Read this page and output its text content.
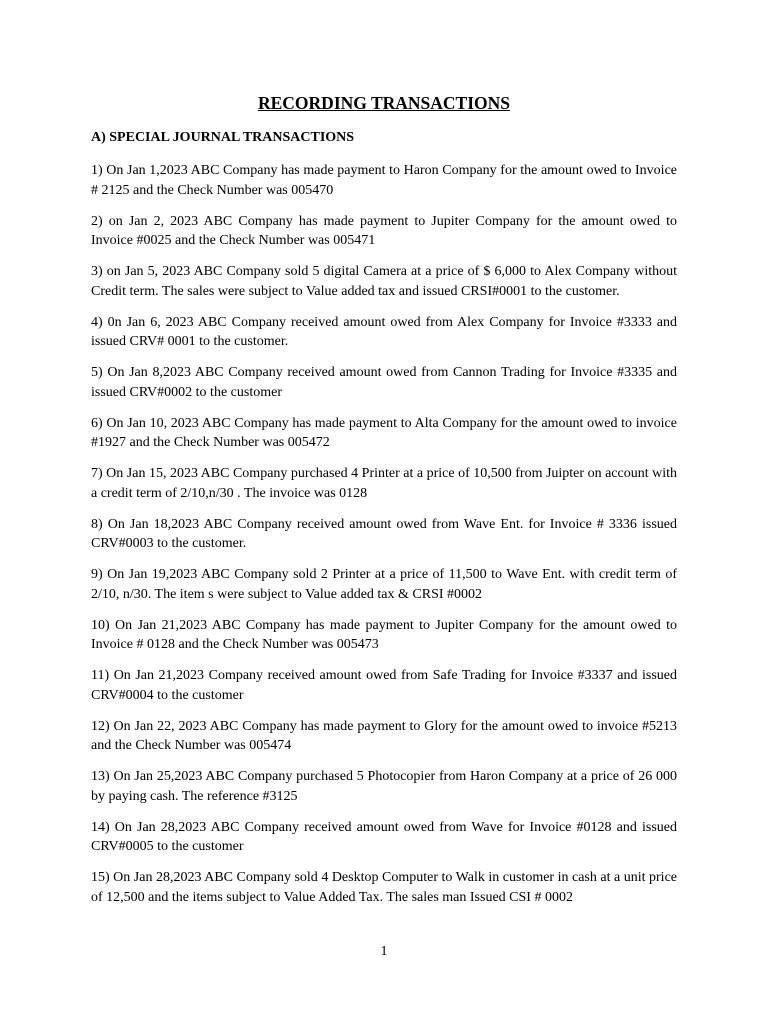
RECORDING TRANSACTIONS
A) SPECIAL JOURNAL TRANSACTIONS

1) On Jan 1,2023 ABC Company has made payment to Haron Company for the amount owed to Invoice # 2125 and the Check Number was 005470

2) on Jan 2, 2023 ABC Company has made payment to Jupiter Company for the amount owed to Invoice #0025 and the Check Number was 005471

3) on Jan 5, 2023 ABC Company sold 5 digital Camera at a price of $ 6,000 to Alex Company without Credit term. The sales were subject to Value added tax and issued CRSI#0001 to the customer.

4) 0n Jan 6, 2023 ABC Company received amount owed from Alex Company for Invoice #3333 and issued CRV# 0001 to the customer.

5) On Jan 8,2023 ABC Company received amount owed from Cannon Trading for Invoice #3335 and issued CRV#0002 to the customer

6) On Jan 10, 2023 ABC Company has made payment to Alta Company for the amount owed to invoice #1927 and the Check Number was 005472

7) On Jan 15, 2023 ABC Company purchased 4 Printer at a price of 10,500 from Juipter on account with a credit term of 2/10,n/30 . The invoice was 0128

8) On Jan 18,2023 ABC Company received amount owed from Wave Ent. for Invoice # 3336 issued CRV#0003 to the customer.

9) On Jan 19,2023 ABC Company sold 2 Printer at a price of 11,500 to Wave Ent. with credit term of 2/10, n/30. The item s were subject to Value added tax & CRSI #0002

10) On Jan 21,2023 ABC Company has made payment to Jupiter Company for the amount owed to Invoice # 0128 and the Check Number was 005473

11) On Jan 21,2023 Company received amount owed from Safe Trading for Invoice #3337 and issued CRV#0004 to the customer

12) On Jan 22, 2023 ABC Company has made payment to Glory for the amount owed to invoice #5213 and the Check Number was 005474

13) On Jan 25,2023 ABC Company purchased 5 Photocopier from Haron Company at a price of 26 000 by paying cash. The reference #3125

14) On Jan 28,2023 ABC Company received amount owed from Wave for Invoice #0128 and issued CRV#0005 to the customer

15) On Jan 28,2023 ABC Company sold 4 Desktop Computer to Walk in customer in cash at a unit price of 12,500 and the items subject to Value Added Tax. The sales man Issued CSI # 0002

1
